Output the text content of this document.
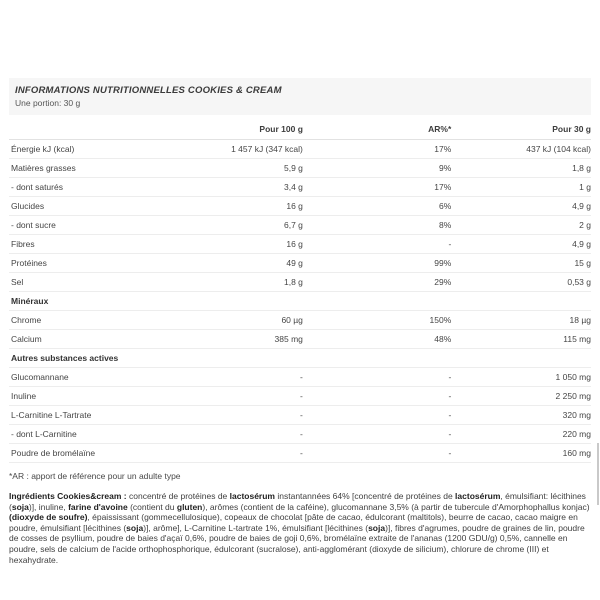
INFORMATIONS NUTRITIONNELLES COOKIES & CREAM
Une portion: 30 g
	Pour 100 g	AR%*	Pour 30 g
Énergie kJ (kcal)	1 457 kJ (347 kcal)	17%	437 kJ (104 kcal)
Matières grasses	5,9 g	9%	1,8 g
- dont saturés	3,4 g	17%	1 g
Glucides	16 g	6%	4,9 g
- dont sucre	6,7 g	8%	2 g
Fibres	16 g	-	4,9 g
Protéines	49 g	99%	15 g
Sel	1,8 g	29%	0,53 g
Minéraux			
Chrome	60 µg	150%	18 µg
Calcium	385 mg	48%	115 mg
Autres substances actives			
Glucomannane	-	-	1 050 mg
Inuline	-	-	2 250 mg
L-Carnitine L-Tartrate	-	-	320 mg
- dont L-Carnitine	-	-	220 mg
Poudre de bromélaïne	-	-	160 mg
*AR : apport de référence pour un adulte type

Ingrédients Cookies&cream : concentré de protéines de lactosérum instantannées 64% [concentré de protéines de lactosérum, émulsifiant: lécithines (soja)], inuline, farine d'avoine (contient du gluten), arômes (contient de la caféine), glucomannane 3,5% (à partir de tubercule d'Amorphophallus konjac) (dioxyde de soufre), épaississant (gommecellulosique), copeaux de chocolat [pâte de cacao, édulcorant (maltitols), beurre de cacao, cacao maigre en poudre, émulsifiant [lécithines (soja)], arôme], L-Carnitine L-tartrate 1%, émulsifiant [lécithines (soja)], fibres d'agrumes, poudre de graines de lin, poudre de cosses de psyllium, poudre de baies d'açaï 0,6%, poudre de baies de goji 0,6%, bromélaïne extraite de l'ananas (1200 GDU/g) 0,5%, cannelle en poudre, sels de calcium de l'acide orthophosphorique, édulcorant (sucralose), anti-agglomérant (dioxyde de silicium), chlorure de chrome (III) et hexahydrate.
